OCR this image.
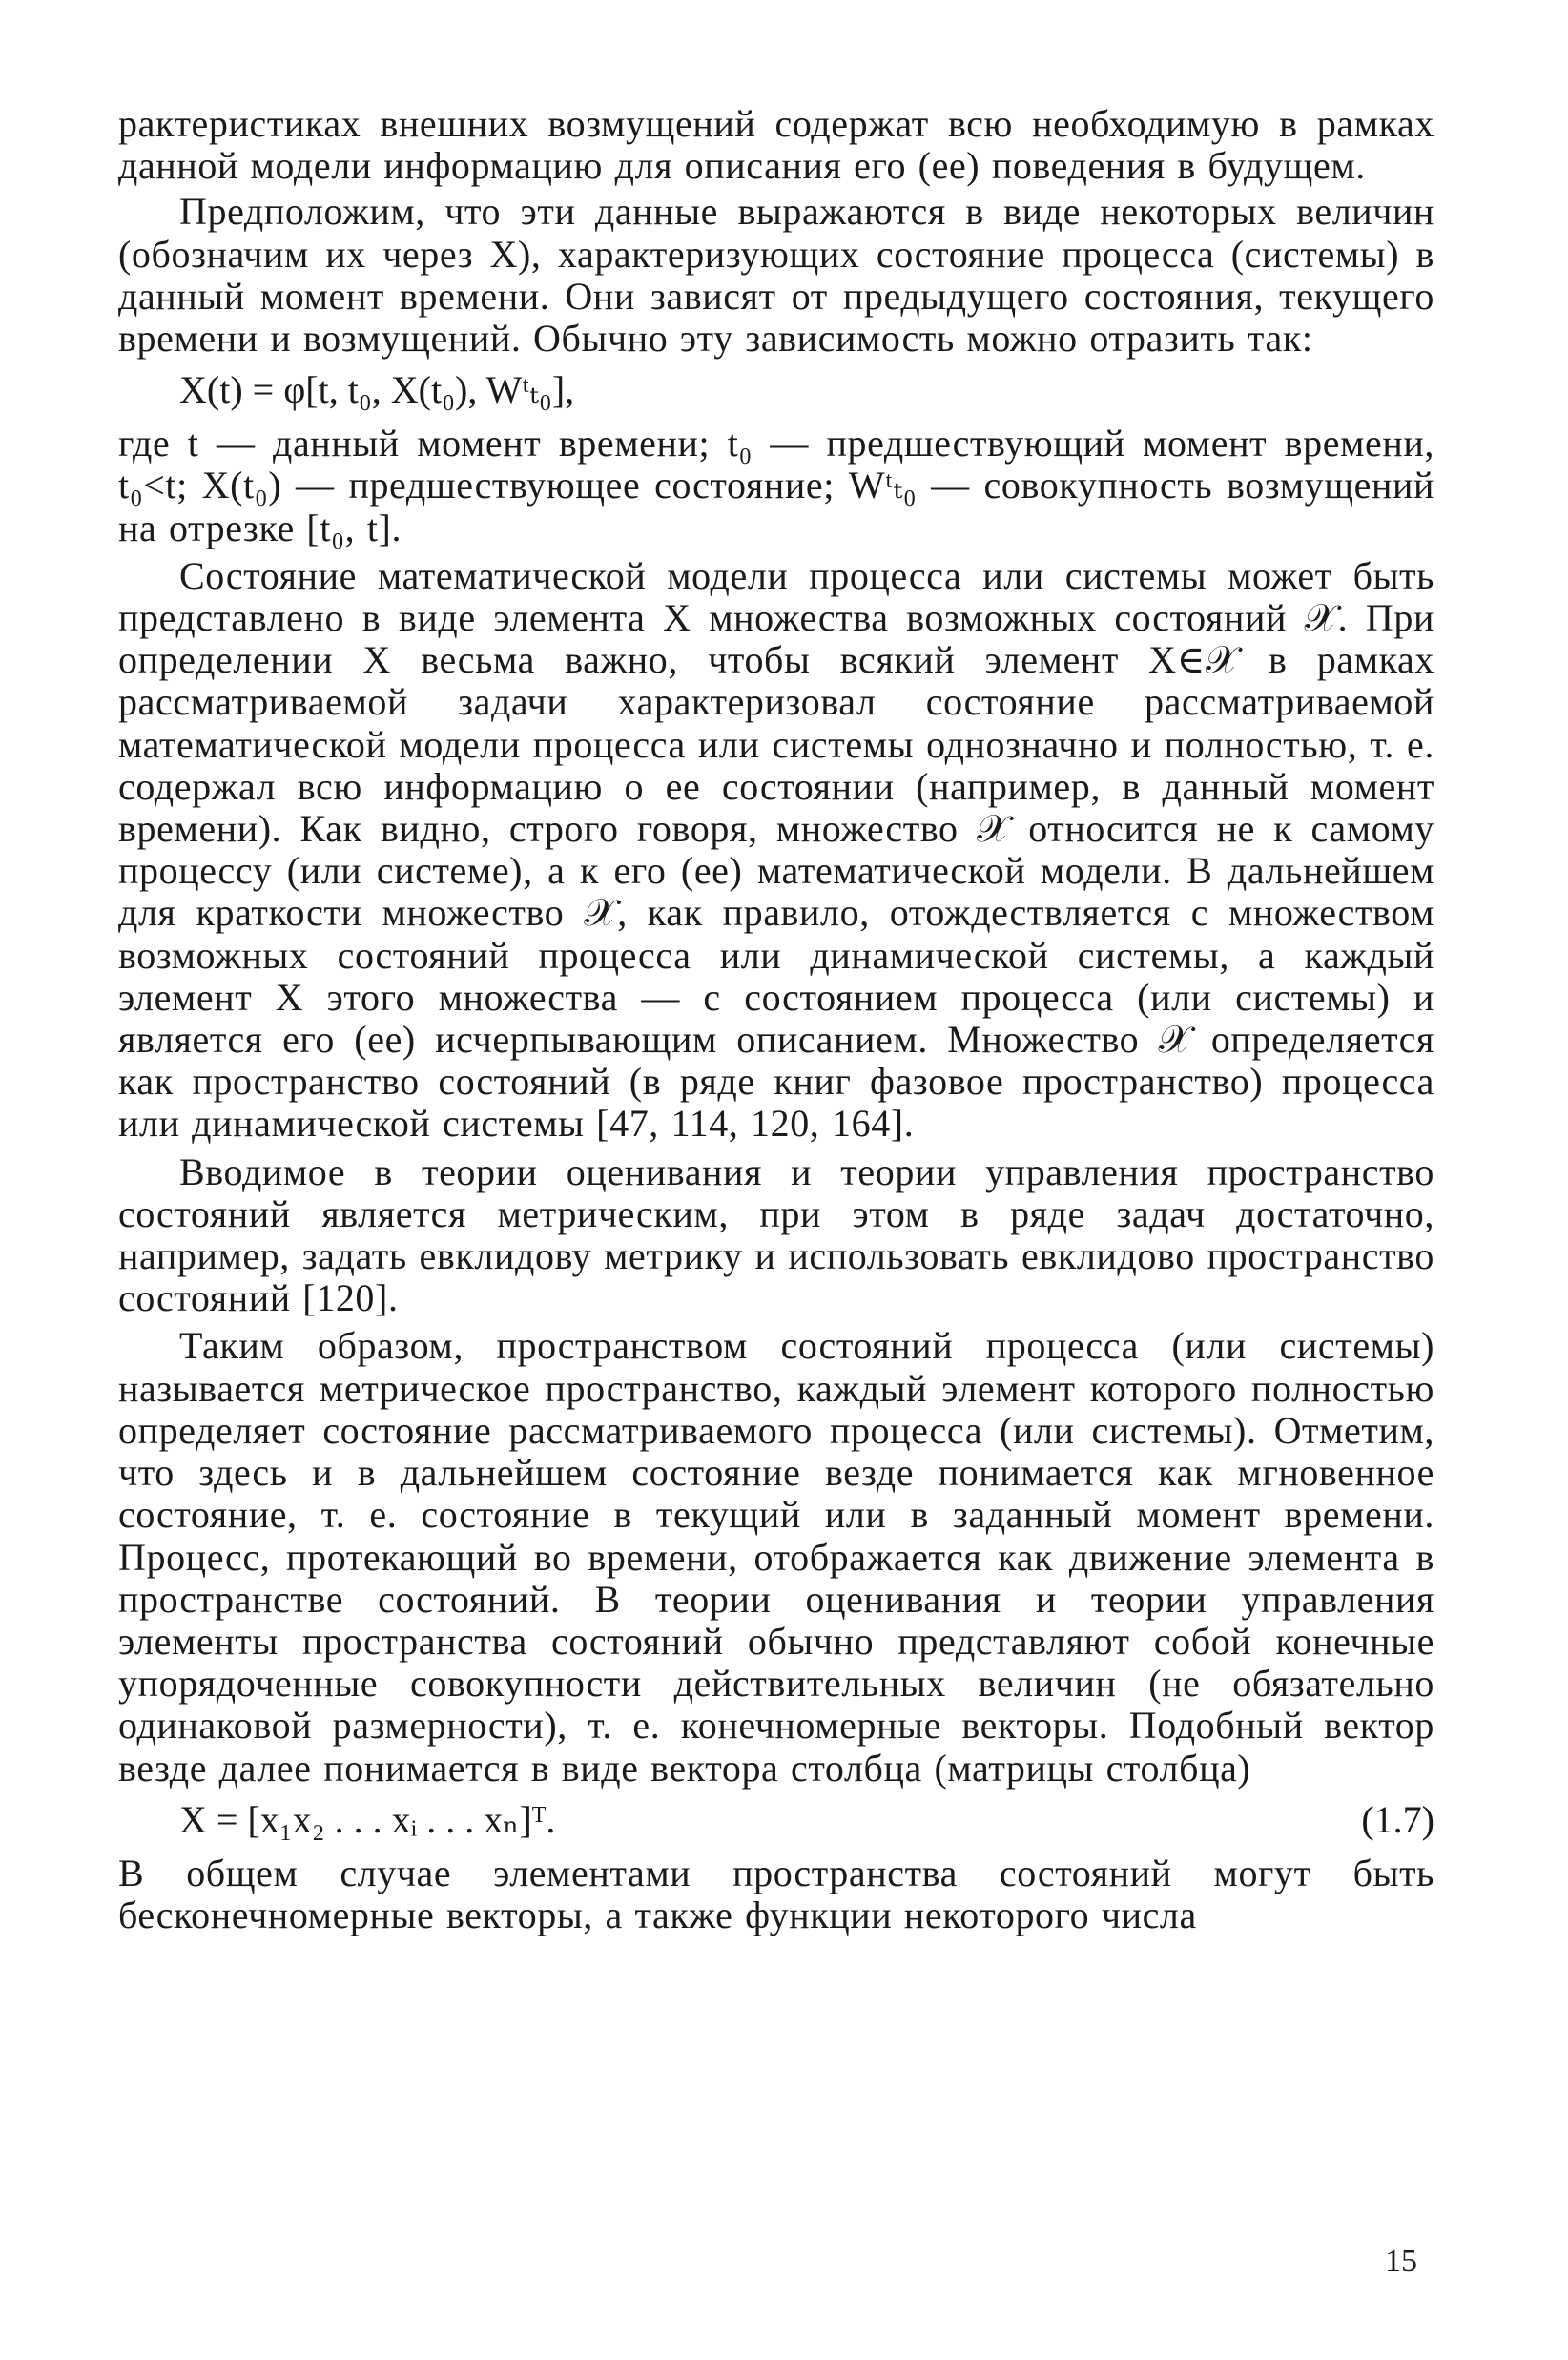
рактеристиках внешних возмущений содержат всю необходимую в рамках данной модели информацию для описания его (ее) поведения в будущем.

Предположим, что эти данные выражаются в виде некоторых величин (обозначим их через X), характеризующих состояние процесса (системы) в данный момент времени. Они зависят от предыдущего состояния, текущего времени и возмущений. Обычно эту зависимость можно отразить так:

X(t) = φ[t, t₀, X(t₀), Wᵗₜ₀],

где t — данный момент времени; t₀ — предшествующий момент времени, t₀<t; X(t₀) — предшествующее состояние; Wᵗₜ₀ — совокупность возмущений на отрезке [t₀, t].

Состояние математической модели процесса или системы может быть представлено в виде элемента X множества возможных состояний 𝒳. При определении X весьма важно, чтобы всякий элемент X∈𝒳 в рамках рассматриваемой задачи характеризовал состояние рассматриваемой математической модели процесса или системы однозначно и полностью, т. е. содержал всю информацию о ее состоянии (например, в данный момент времени). Как видно, строго говоря, множество 𝒳 относится не к самому процессу (или системе), а к его (ее) математической модели. В дальнейшем для краткости множество 𝒳, как правило, отождествляется с множеством возможных состояний процесса или динамической системы, а каждый элемент X этого множества — с состоянием процесса (или системы) и является его (ее) исчерпывающим описанием. Множество 𝒳 определяется как пространство состояний (в ряде книг фазовое пространство) процесса или динамической системы [47, 114, 120, 164].

Вводимое в теории оценивания и теории управления пространство состояний является метрическим, при этом в ряде задач достаточно, например, задать евклидову метрику и использовать евклидово пространство состояний [120].

Таким образом, пространством состояний процесса (или системы) называется метрическое пространство, каждый элемент которого полностью определяет состояние рассматриваемого процесса (или системы). Отметим, что здесь и в дальнейшем состояние везде понимается как мгновенное состояние, т. е. состояние в текущий или в заданный момент времени. Процесс, протекающий во времени, отображается как движение элемента в пространстве состояний. В теории оценивания и теории управления элементы пространства состояний обычно представляют собой конечные упорядоченные совокупности действительных величин (не обязательно одинаковой размерности), т. е. конечномерные векторы. Подобный вектор везде далее понимается в виде вектора столбца (матрицы столбца)

X = [x₁x₂ . . . xᵢ . . . xₙ]ᵀ.	(1.7)

В общем случае элементами пространства состояний могут быть бесконечномерные векторы, а также функции некоторого числа

15
